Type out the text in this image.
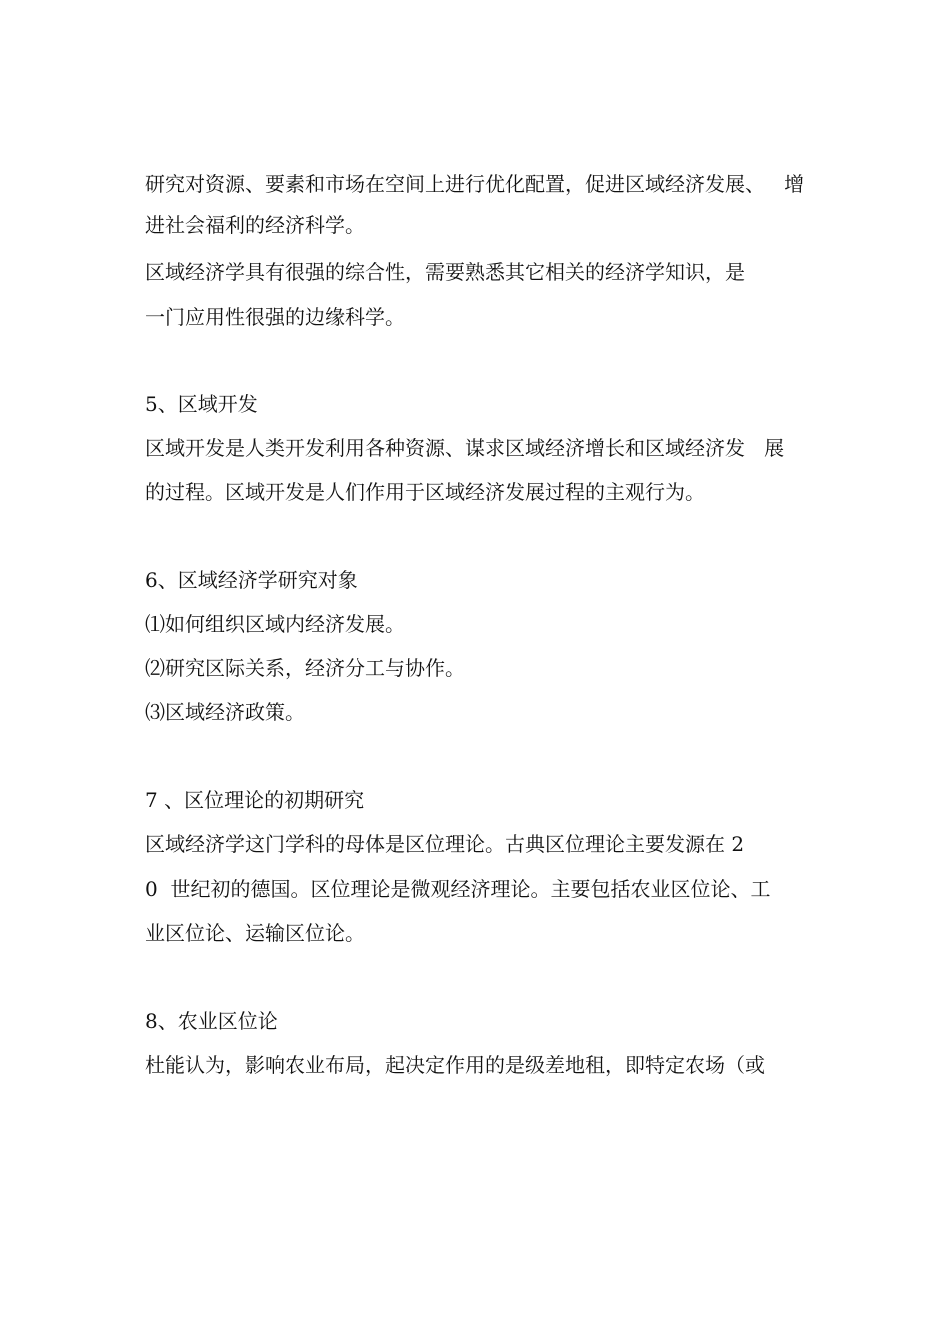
研究对资源、要素和市场在空间上进行优化配置，促进区域经济发展、   增
进社会福利的经济科学。
区域经济学具有很强的综合性，需要熟悉其它相关的经济学知识，是
一门应用性很强的边缘科学。
5、区域开发
区域开发是人类开发利用各种资源、谋求区域经济增长和区域经济发   展
的过程。区域开发是人们作用于区域经济发展过程的主观行为。
6、区域经济学研究对象
⑴如何组织区域内经济发展。
⑵研究区际关系，经济分工与协作。
⑶区域经济政策。
7 、区位理论的初期研究
区域经济学这门学科的母体是区位理论。古典区位理论主要发源在 2
0  世纪初的德国。区位理论是微观经济理论。主要包括农业区位论、工
业区位论、运输区位论。
8、农业区位论
杜能认为，影响农业布局，起决定作用的是级差地租，即特定农场（或
